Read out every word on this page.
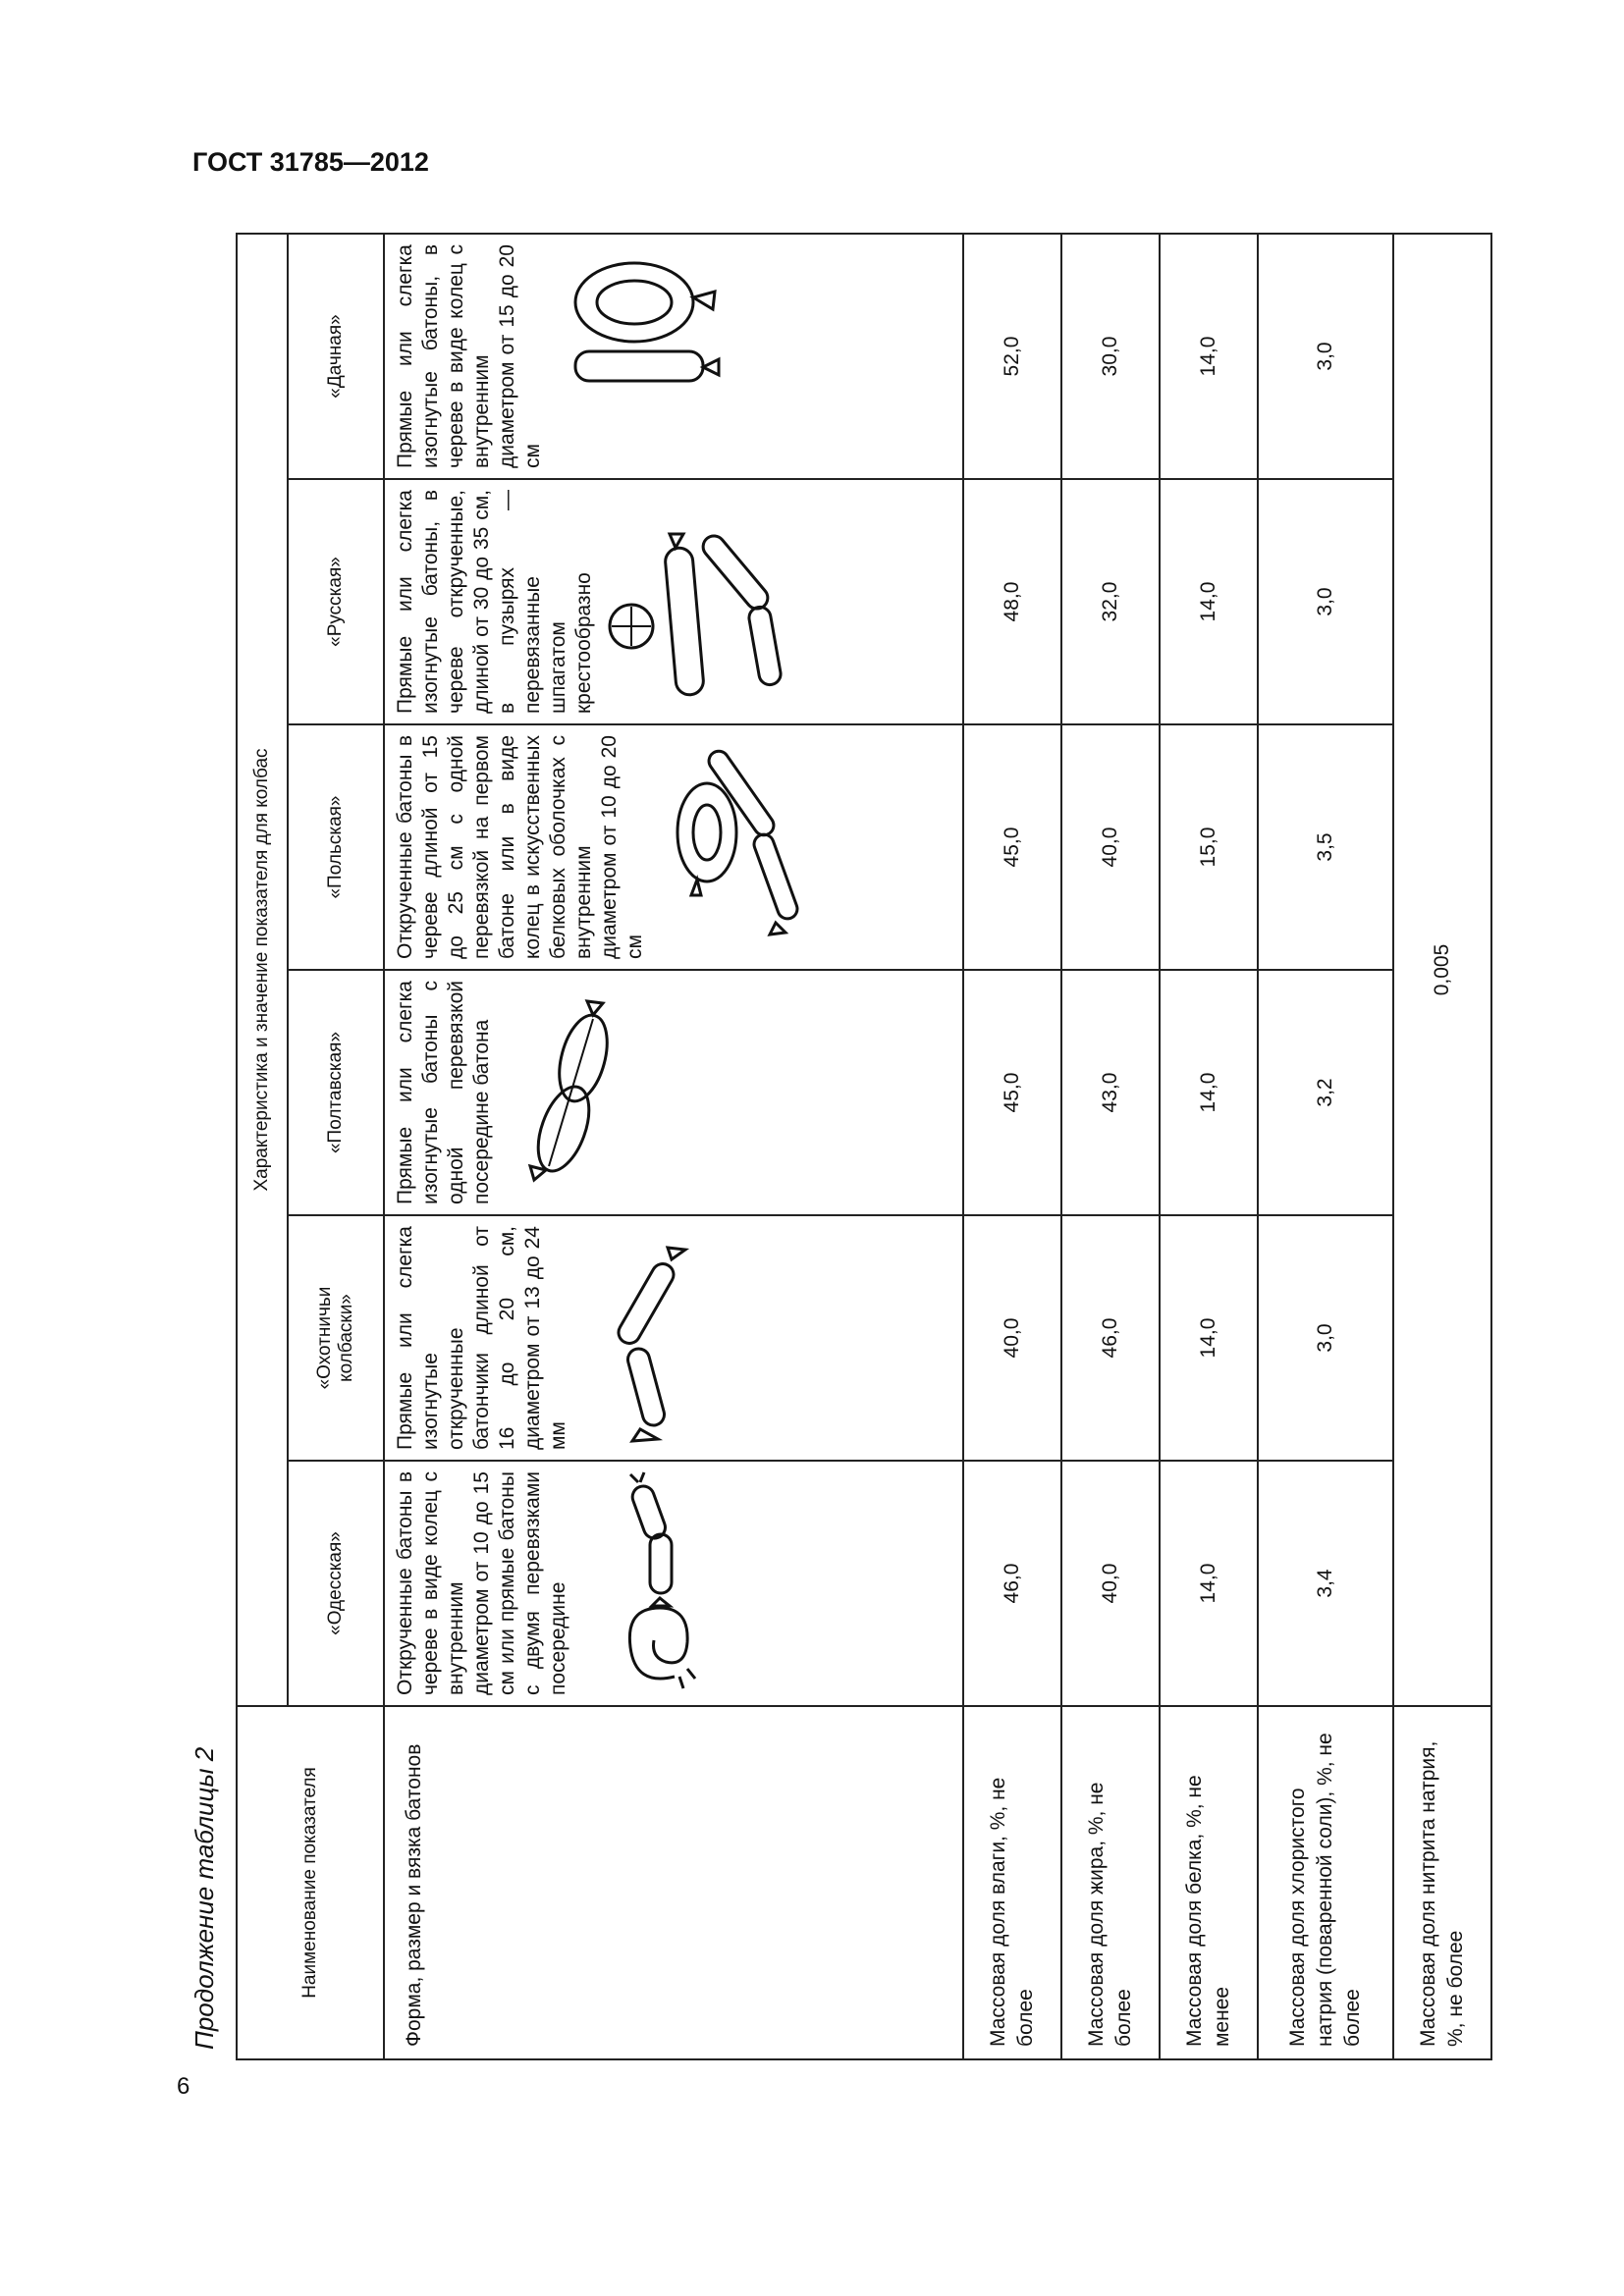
ГОСТ 31785—2012
6
Продолжение таблицы 2	Наименование показателя	Характеристика и значение показателя для колбас					
	«Одесская»	«Охотничьи колбаски»	«Полтавская»	«Польская»	«Русская»	«Дачная»
Форма, размер и вязка батонов	Открученные батоны в череве в виде колец с внутренним диаметром от 10 до 15 см или прямые батоны с двумя перевязками посередине	Прямые или слегка изогнутые открученные батончики длиной от 16 до 20 см, диаметром от 13 до 24 мм	Прямые или слегка изогнутые батоны с одной перевязкой посередине батона	Открученные батоны в череве длиной от 15 до 25 см с одной перевязкой на первом батоне или в виде колец в искусственных белковых оболочках с внутренним диаметром от 10 до 20 см	Прямые или слегка изогнутые батоны, в череве открученные, длиной от 30 до 35 см, в пузырях — перевязанные шпагатом крестообразно	Прямые или слегка изогнутые батоны, в череве в виде колец с внутренним диаметром от 15 до 20 см

Массовая доля влаги, %, не более	46,0	40,0	45,0	45,0	48,0	52,0
Массовая доля жира, %, не более	40,0	46,0	43,0	40,0	32,0	30,0
Массовая доля белка, %, не менее	14,0	14,0	14,0	15,0	14,0	14,0
Массовая доля хлористого натрия (поваренной соли), %, не более	3,4	3,0	3,2	3,5	3,0	3,0
Массовая доля нитрита натрия, %, не более	0,005					
